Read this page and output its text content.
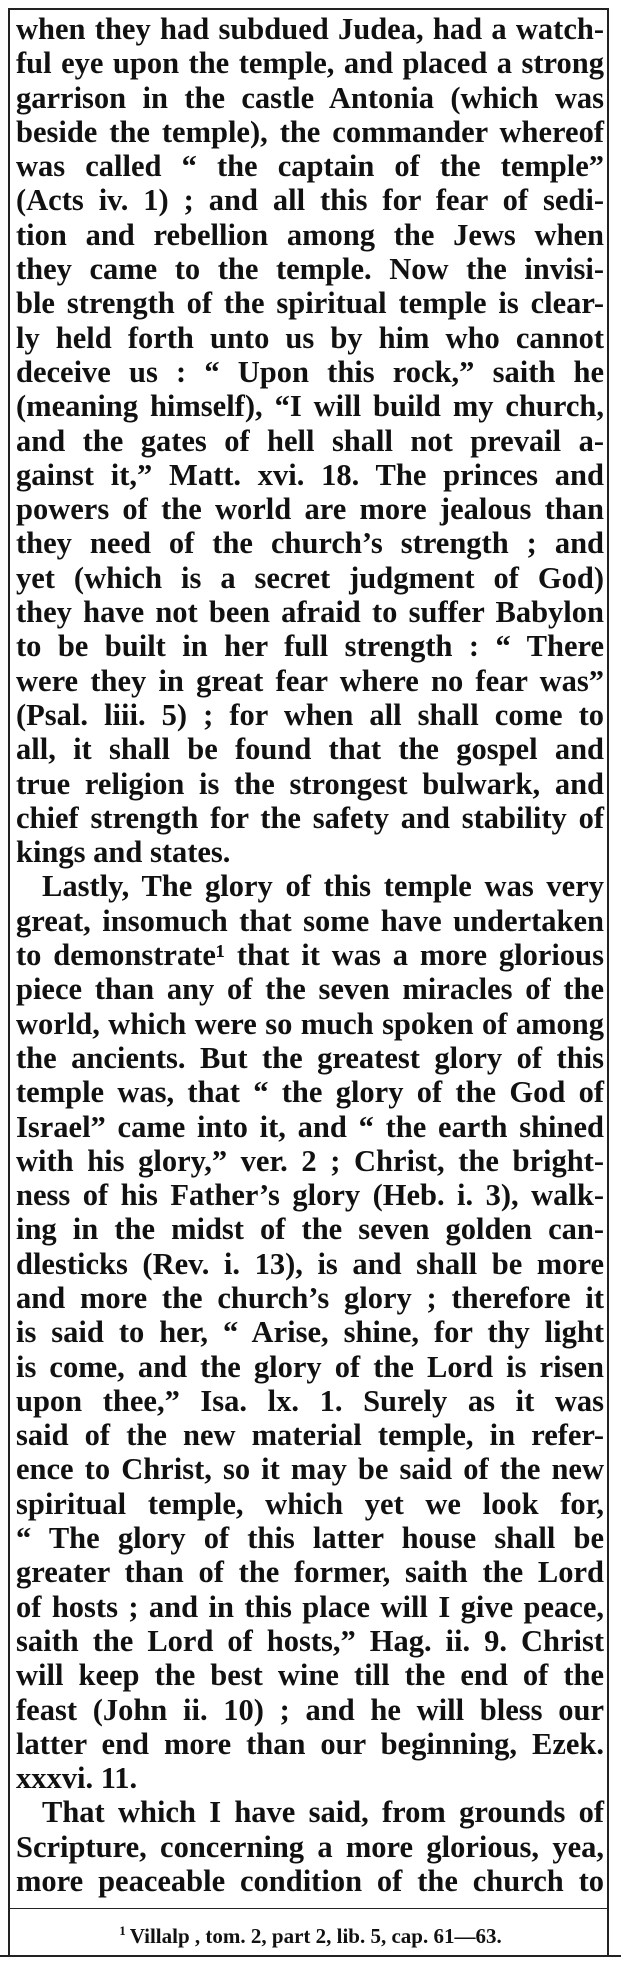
when they had subdued Judea, had a watch-
ful eye upon the temple, and placed a strong
garrison in the castle Antonia (which was
beside the temple), the commander whereof
was called “ the captain of the temple”
(Acts iv. 1) ; and all this for fear of sedi-
tion and rebellion among the Jews when
they came to the temple. Now the invisi-
ble strength of the spiritual temple is clear-
ly held forth unto us by him who cannot
deceive us : “ Upon this rock,” saith he
(meaning himself), “I will build my church,
and the gates of hell shall not prevail a-
gainst it,” Matt. xvi. 18. The princes and
powers of the world are more jealous than
they need of the church’s strength ; and
yet (which is a secret judgment of God)
they have not been afraid to suffer Babylon
to be built in her full strength : “ There
were they in great fear where no fear was”
(Psal. liii. 5) ; for when all shall come to
all, it shall be found that the gospel and
true religion is the strongest bulwark, and
chief strength for the safety and stability of
kings and states.
Lastly, The glory of this temple was very
great, insomuch that some have undertaken
to demonstrate¹ that it was a more glorious
piece than any of the seven miracles of the
world, which were so much spoken of among
the ancients. But the greatest glory of this
temple was, that “ the glory of the God of
Israel” came into it, and “ the earth shined
with his glory,” ver. 2 ; Christ, the bright-
ness of his Father’s glory (Heb. i. 3), walk-
ing in the midst of the seven golden can-
dlesticks (Rev. i. 13), is and shall be more
and more the church’s glory ; therefore it
is said to her, “ Arise, shine, for thy light
is come, and the glory of the Lord is risen
upon thee,” Isa. lx. 1. Surely as it was
said of the new material temple, in refer-
ence to Christ, so it may be said of the new
spiritual temple, which yet we look for,
“ The glory of this latter house shall be
greater than of the former, saith the Lord
of hosts ; and in this place will I give peace,
saith the Lord of hosts,” Hag. ii. 9. Christ
will keep the best wine till the end of the
feast (John ii. 10) ; and he will bless our
latter end more than our beginning, Ezek.
xxxvi. 11.
That which I have said, from grounds of
Scripture, concerning a more glorious, yea,
more peaceable condition of the church to
$^1$ Villalp , tom. 2, part 2, lib. 5, cap. 61—63.
